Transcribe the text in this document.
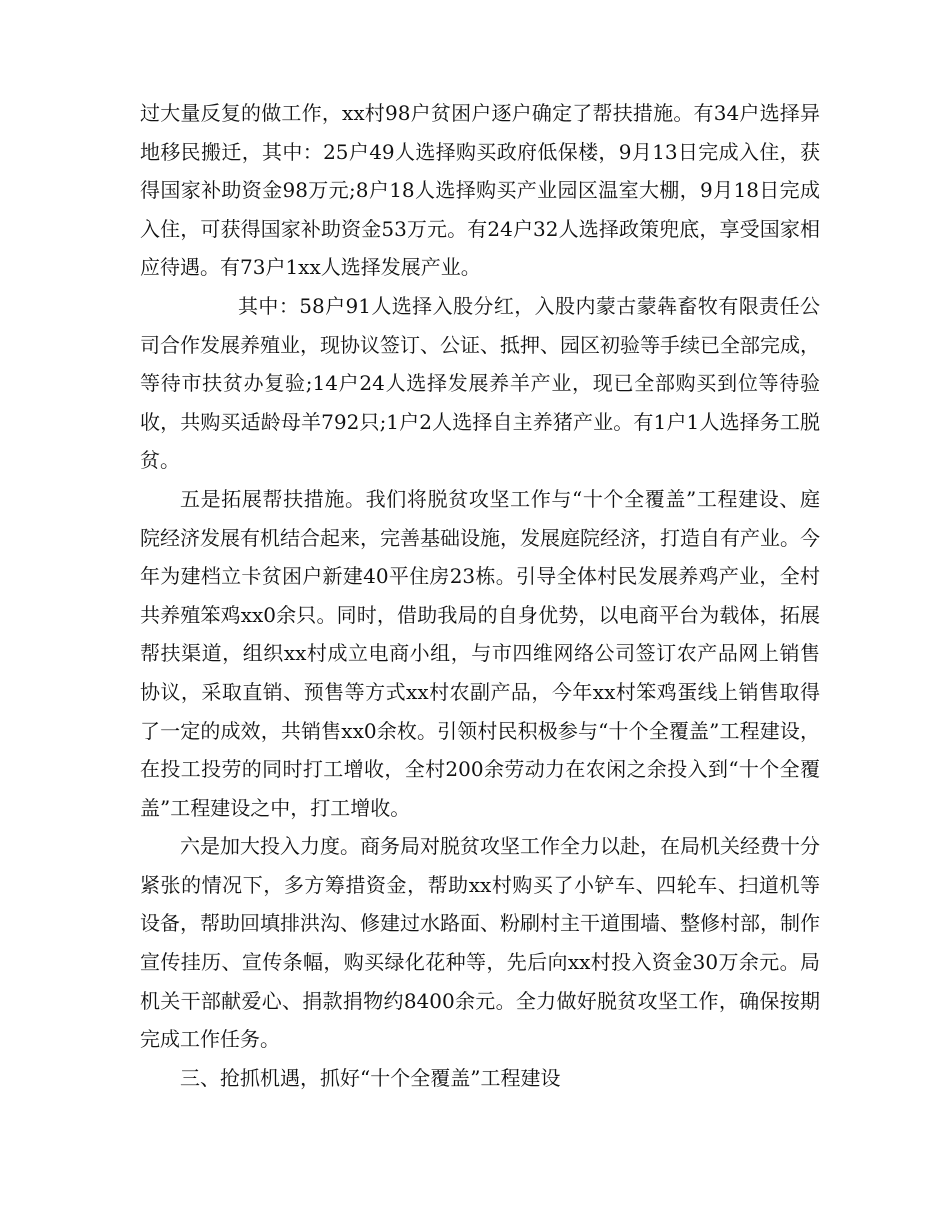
过大量反复的做工作，xx村98户贫困户逐户确定了帮扶措施。有34户选择异地移民搬迁，其中：25户49人选择购买政府低保楼，9月13日完成入住，获得国家补助资金98万元;8户18人选择购买产业园区温室大棚，9月18日完成入住，可获得国家补助资金53万元。有24户32人选择政策兜底，享受国家相应待遇。有73户1xx人选择发展产业。

其中：58户91人选择入股分红，入股内蒙古蒙犇畜牧有限责任公司合作发展养殖业，现协议签订、公证、抵押、园区初验等手续已全部完成，等待市扶贫办复验;14户24人选择发展养羊产业，现已全部购买到位等待验收，共购买适龄母羊792只;1户2人选择自主养猪产业。有1户1人选择务工脱贫。

五是拓展帮扶措施。我们将脱贫攻坚工作与“十个全覆盖”工程建设、庭院经济发展有机结合起来，完善基础设施，发展庭院经济，打造自有产业。今年为建档立卡贫困户新建40平住房23栋。引导全体村民发展养鸡产业，全村共养殖笨鸡xx0余只。同时，借助我局的自身优势，以电商平台为载体，拓展帮扶渠道，组织xx村成立电商小组，与市四维网络公司签订农产品网上销售协议，采取直销、预售等方式xx村农副产品，今年xx村笨鸡蛋线上销售取得了一定的成效，共销售xx0余枚。引领村民积极参与“十个全覆盖”工程建设，在投工投劳的同时打工增收，全村200余劳动力在农闲之余投入到“十个全覆盖”工程建设之中，打工增收。

六是加大投入力度。商务局对脱贫攻坚工作全力以赴，在局机关经费十分紧张的情况下，多方筹措资金，帮助xx村购买了小铲车、四轮车、扫道机等设备，帮助回填排洪沟、修建过水路面、粉刷村主干道围墙、整修村部，制作宣传挂历、宣传条幅，购买绿化花种等，先后向xx村投入资金30万余元。局机关干部献爱心、捐款捐物约8400余元。全力做好脱贫攻坚工作，确保按期完成工作任务。

三、抢抓机遇，抓好“十个全覆盖”工程建设
